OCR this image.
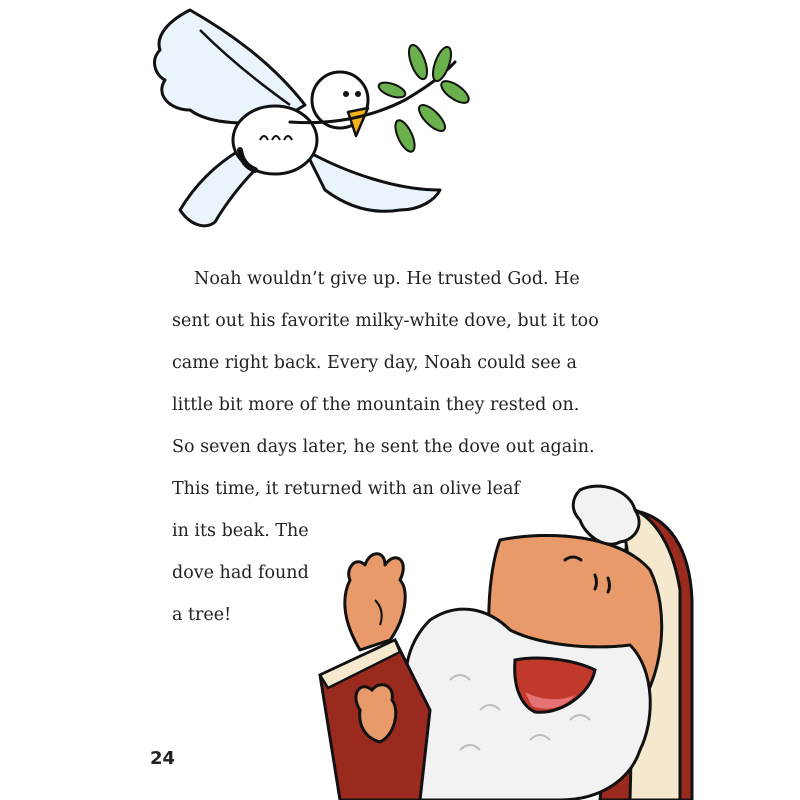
Noah wouldn’t give up. He trusted God. He
sent out his favorite milky-white dove, but it too
came right back. Every day, Noah could see a
little bit more of the mountain they rested on.
So seven days later, he sent the dove out again.
This time, it returned with an olive leaf
in its beak. The
dove had found
a tree!
24
